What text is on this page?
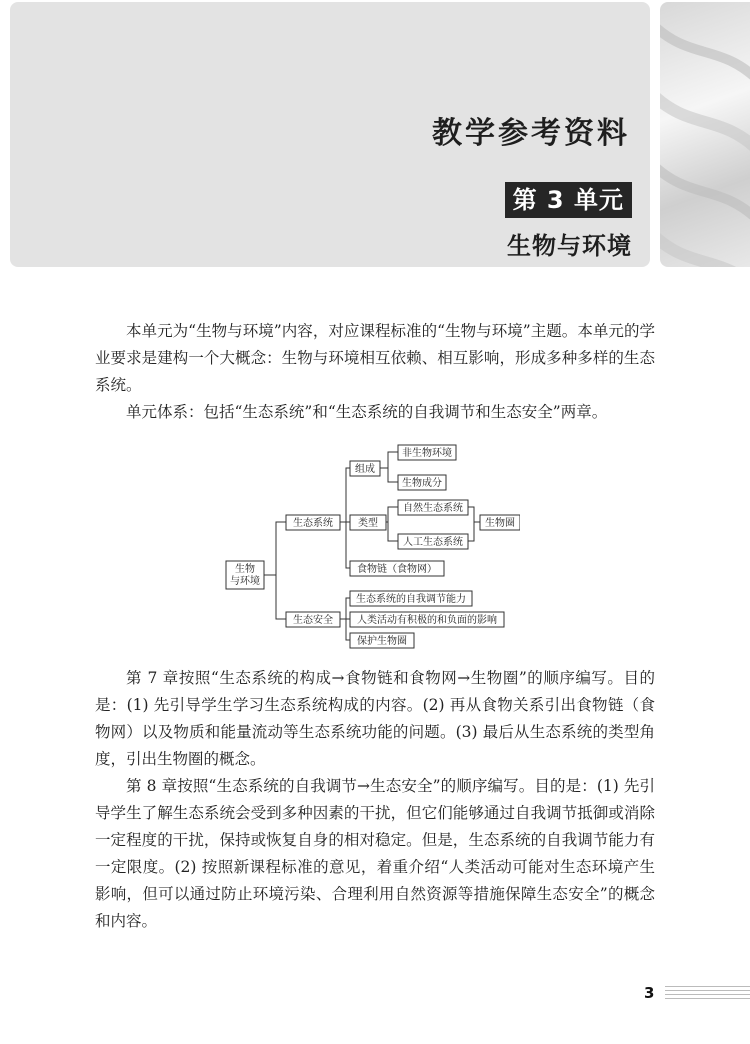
教学参考资料
第 3 单元
生物与环境

本单元为“生物与环境”内容，对应课程标准的“生物与环境”主题。本单元的学业要求是建构一个大概念：生物与环境相互依赖、相互影响，形成多种多样的生态系统。

单元体系：包括“生态系统”和“生态系统的自我调节和生态安全”两章。

生物
与环境
生态系统
组成
非生物环境
生物成分
类型
自然生态系统
人工生态系统
生物圈
食物链（食物网）
生态安全
生态系统的自我调节能力
人类活动有积极的和负面的影响
保护生物圈

第 7 章按照“生态系统的构成→食物链和食物网→生物圈”的顺序编写。目的是：(1) 先引导学生学习生态系统构成的内容。(2) 再从食物关系引出食物链（食物网）以及物质和能量流动等生态系统功能的问题。(3) 最后从生态系统的类型角度，引出生物圈的概念。

第 8 章按照“生态系统的自我调节→生态安全”的顺序编写。目的是：(1) 先引导学生了解生态系统会受到多种因素的干扰，但它们能够通过自我调节抵御或消除一定程度的干扰，保持或恢复自身的相对稳定。但是，生态系统的自我调节能力有一定限度。(2) 按照新课程标准的意见，着重介绍“人类活动可能对生态环境产生影响，但可以通过防止环境污染、合理利用自然资源等措施保障生态安全”的概念和内容。

3
